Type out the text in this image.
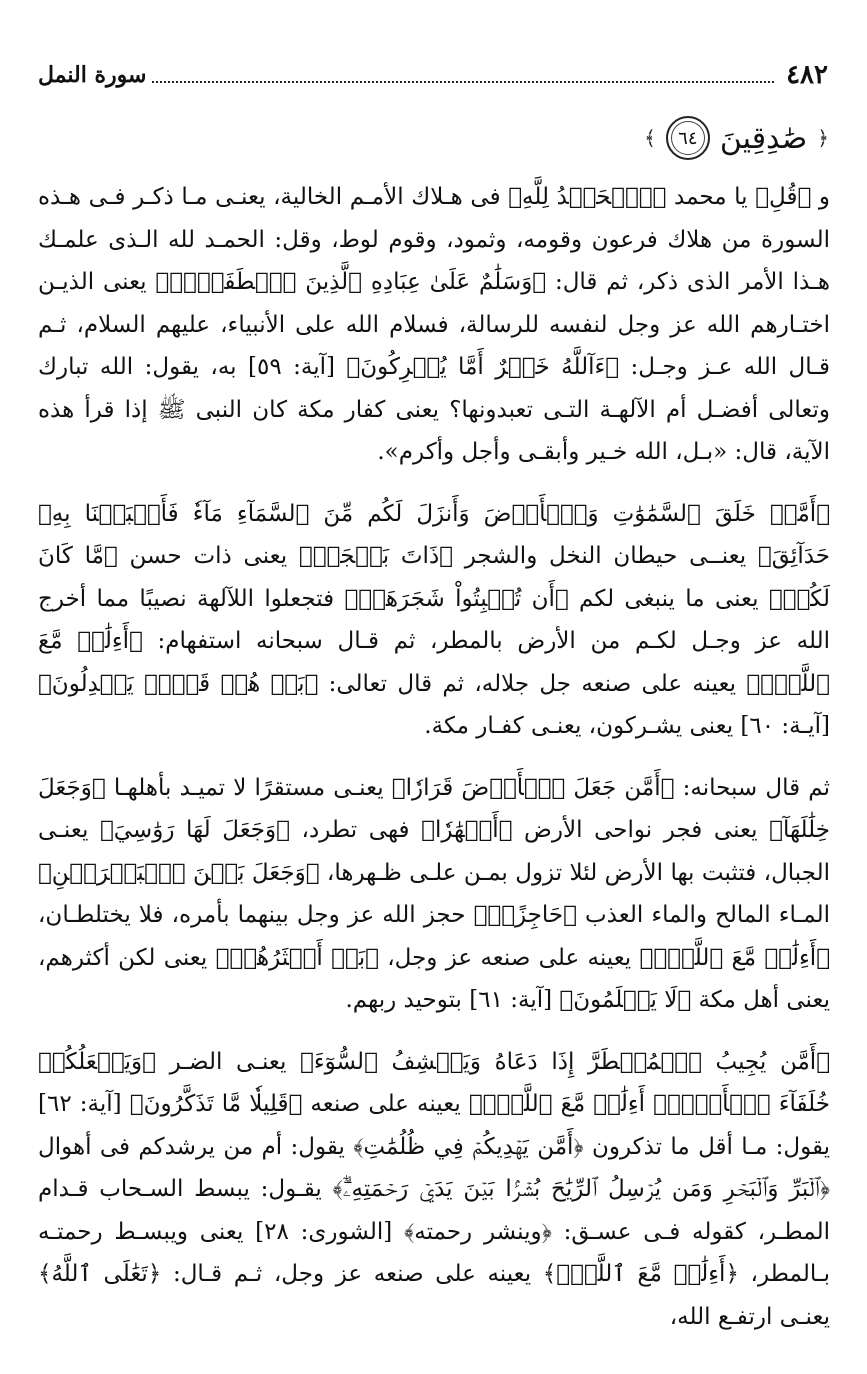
٤٨٢
سورة النمل
﴿
صَٰدِقِينَ
٦٤
﴾

و ﴿قُلِ﴾ يا محمد ﴿ٱلۡحَمۡدُ لِلَّهِ﴾ فى هـلاك الأمـم الخالية، يعنـى مـا ذكـر فـى هـذه السورة من هلاك فرعون وقومه، وثمود، وقوم لوط، وقل: الحمـد لله الـذى علمـك هـذا الأمر الذى ذكر، ثم قال: ﴿وَسَلَٰمٌ عَلَىٰ عِبَادِهِ ٱلَّذِينَ ٱصۡطَفَىٰٓۗ﴾ يعنى الذيـن اختـارهم الله عز وجل لنفسه للرسالة، فسلام الله على الأنبياء، عليهم السلام، ثـم قـال الله عـز وجـل: ﴿ءَآللَّهُ خَيۡرٌ أَمَّا يُشۡرِكُونَ﴾ [آية: ٥٩] به، يقول: الله تبارك وتعالى أفضـل أم الآلهـة التـى تعبدونها؟ يعنى كفار مكة كان النبى ﷺ إذا قرأ هذه الآية، قال: «بـل، الله خـير وأبقـى وأجل وأكرم».

﴿أَمَّنۡ خَلَقَ ٱلسَّمَٰوَٰتِ وَٱلۡأَرۡضَ وَأَنزَلَ لَكُم مِّنَ ٱلسَّمَآءِ مَآءٗ فَأَنۢبَتۡنَا بِهِۦ حَدَآئِقَ﴾ يعنــى حيطان النخل والشجر ﴿ذَاتَ بَهۡجَةٖ﴾ يعنى ذات حسن ﴿مَّا كَانَ لَكُمۡ﴾ يعنى ما ينبغى لكم ﴿أَن تُنۢبِتُواْ شَجَرَهَآۗ﴾ فتجعلوا اللآلهة نصيبًا مما أخرج الله عز وجـل لكـم من الأرض بالمطر، ثم قـال سبحانه استفهام: ﴿أَءِلَٰهٞ مَّعَ ٱللَّهِۚ﴾ يعينه على صنعه جل جلاله، ثم قال تعالى: ﴿بَلۡ هُمۡ قَوۡمٞ يَعۡدِلُونَ﴾ [آيـة: ٦٠] يعنى يشـركون، يعنـى كفـار مكة.

ثم قال سبحانه: ﴿أَمَّن جَعَلَ ٱلۡأَرۡضَ قَرَارٗا﴾ يعنـى مستقرًا لا تميـد بأهلهـا ﴿وَجَعَلَ خِلَٰلَهَآ﴾ يعنى فجر نواحى الأرض ﴿أَنۡهَٰرٗا﴾ فهى تطرد، ﴿وَجَعَلَ لَهَا رَوَٰسِيَ﴾ يعنـى الجبال، فتثبت بها الأرض لئلا تزول بمـن علـى ظـهرها، ﴿وَجَعَلَ بَيۡنَ ٱلۡبَحۡرَيۡنِ﴾ المـاء المالح والماء العذب ﴿حَاجِزًاۗ﴾ حجز الله عز وجل بينهما بأمره، فلا يختلطـان، ﴿أَءِلَٰهٞ مَّعَ ٱللَّهِۚ﴾ يعينه على صنعه عز وجل، ﴿بَلۡ أَكۡثَرُهُمۡ﴾ يعنى لكن أكثرهم، يعنى أهل مكة ﴿لَا يَعۡلَمُونَ﴾ [آية: ٦١] بتوحيد ربهم.

﴿أَمَّن يُجِيبُ ٱلۡمُضۡطَرَّ إِذَا دَعَاهُ وَيَكۡشِفُ ٱلسُّوٓءَ﴾ يعنـى الضـر ﴿وَيَجۡعَلُكُمۡ خُلَفَآءَ ٱلۡأَرۡضِۗ أَءِلَٰهٞ مَّعَ ٱللَّهِۚ﴾ يعينه على صنعه ﴿قَلِيلٗا مَّا تَذَكَّرُونَ﴾ [آية: ٦٢] يقول: مـا أقل ما تذكرون ﴿أَمَّن يَهۡدِيكُمۡ فِي ظُلُمَٰتِ﴾ يقول: أم من يرشدكم فى أهوال ﴿ٱلۡبَرِّ وَٱلۡبَحۡرِ وَمَن يُرۡسِلُ ٱلرِّيَٰحَ بُشۡرَۢا بَيۡنَ يَدَيۡ رَحۡمَتِهِۦٓۗ﴾ يقـول: يبسط السـحاب قـدام المطـر، كقوله فـى عسـق: ﴿وينشر رحمته﴾ [الشورى: ٢٨] يعنى ويبسـط رحمتـه بـالمطر، ﴿أَءِلَٰهٞ مَّعَ ٱللَّهِۚ﴾ يعينه على صنعه عز وجل، ثـم قـال: ﴿تَعَٰلَى ٱللَّهُ﴾ يعنـى ارتفـع الله،
